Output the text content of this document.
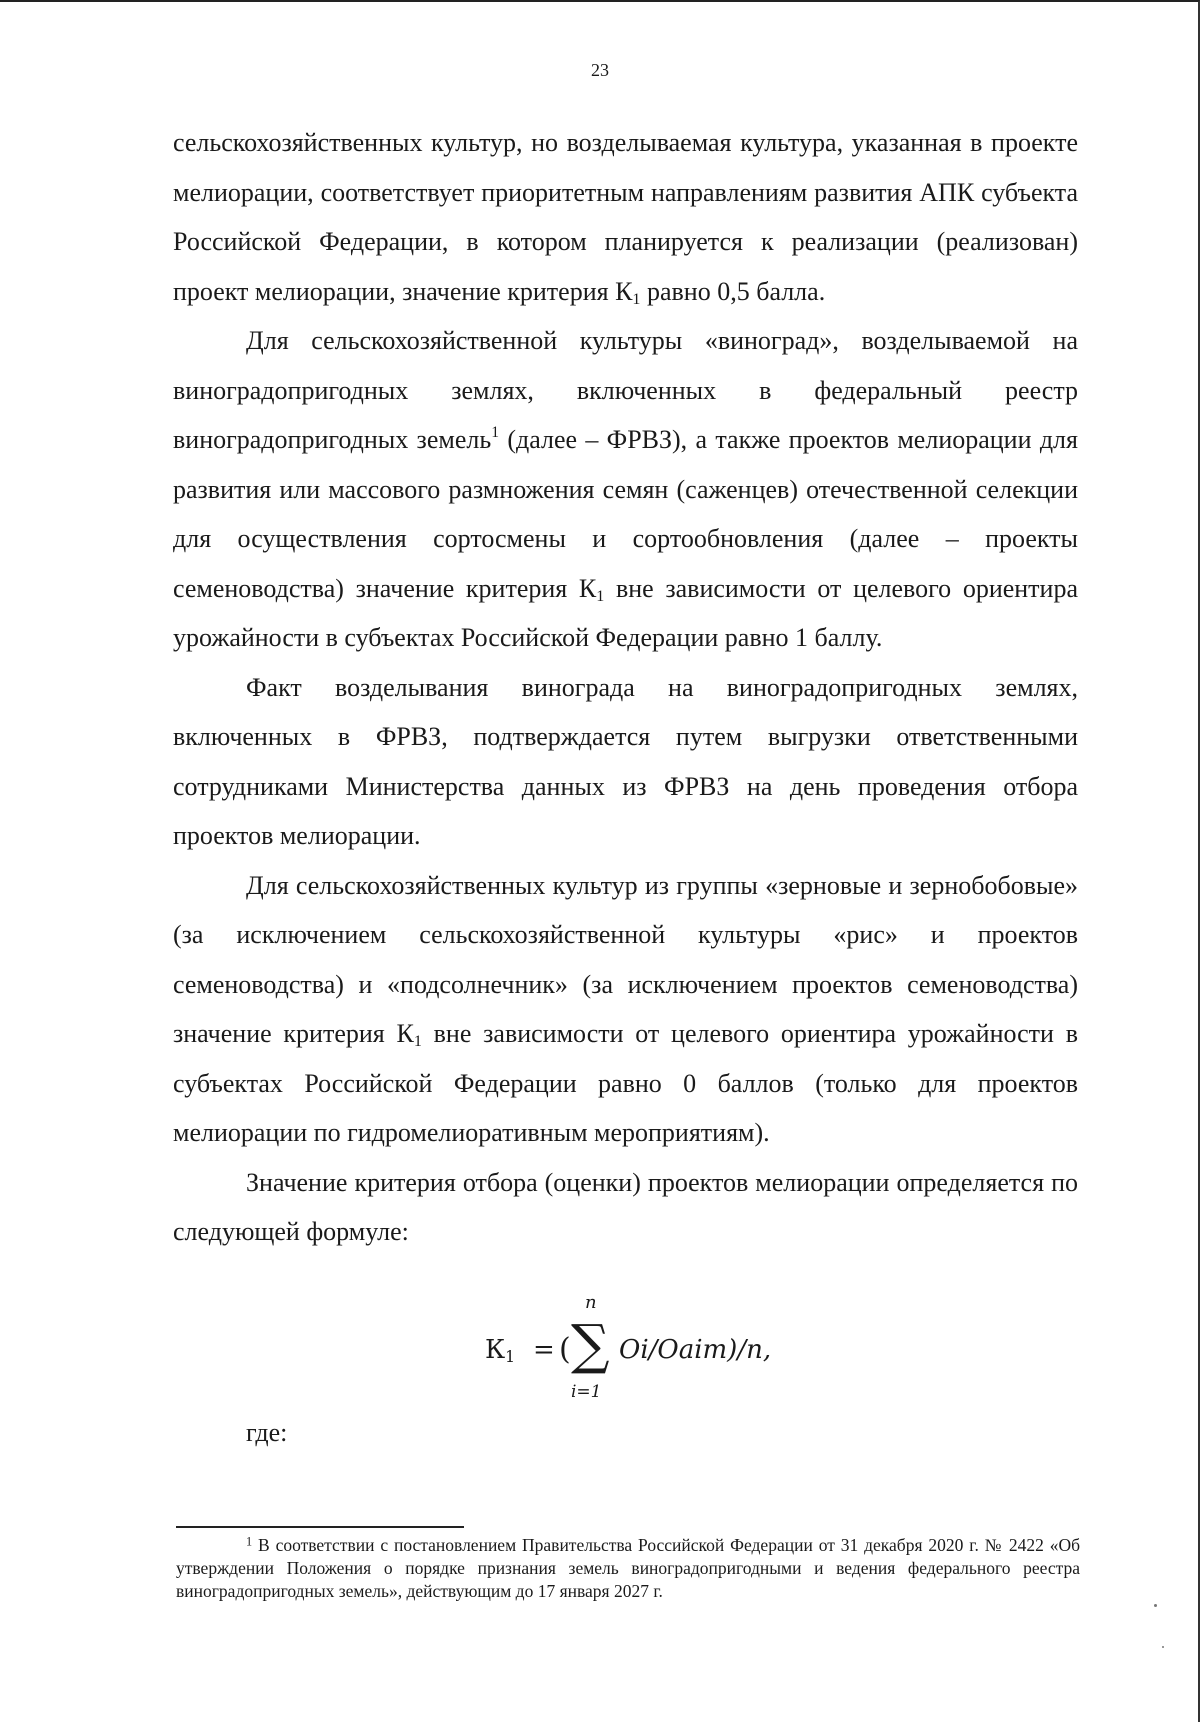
23

сельскохозяйственных культур, но возделываемая культура, указанная в проекте мелиорации, соответствует приоритетным направлениям развития АПК субъекта Российской Федерации, в котором планируется к реализации (реализован) проект мелиорации, значение критерия $К_1$ равно 0,5 балла.

Для сельскохозяйственной культуры «виноград», возделываемой на виноградопригодных землях, включенных в федеральный реестр виноградопригодных земель$^1$ (далее – ФРВЗ), а также проектов мелиорации для развития или массового размножения семян (саженцев) отечественной селекции для осуществления сортосмены и сортообновления (далее – проекты семеноводства) значение критерия $К_1$ вне зависимости от целевого ориентира урожайности в субъектах Российской Федерации равно 1 баллу.

Факт возделывания винограда на виноградопригодных землях, включенных в ФРВЗ, подтверждается путем выгрузки ответственными сотрудниками Министерства данных из ФРВЗ на день проведения отбора проектов мелиорации.

Для сельскохозяйственных культур из группы «зерновые и зернобобовые» (за исключением сельскохозяйственной культуры «рис» и проектов семеноводства) и «подсолнечник» (за исключением проектов семеноводства) значение критерия $К_1$ вне зависимости от целевого ориентира урожайности в субъектах Российской Федерации равно 0 баллов (только для проектов мелиорации по гидромелиоративным мероприятиям).

Значение критерия отбора (оценки) проектов мелиорации определяется по следующей формуле:

$К_1$ = (
n
∑
i=1
Oi/Oaim)/n,
где:

$^1$ В соответствии с постановлением Правительства Российской Федерации от 31 декабря 2020 г. № 2422 «Об утверждении Положения о порядке признания земель виноградопригодными и ведения федерального реестра виноградопригодных земель», действующим до 17 января 2027 г.
